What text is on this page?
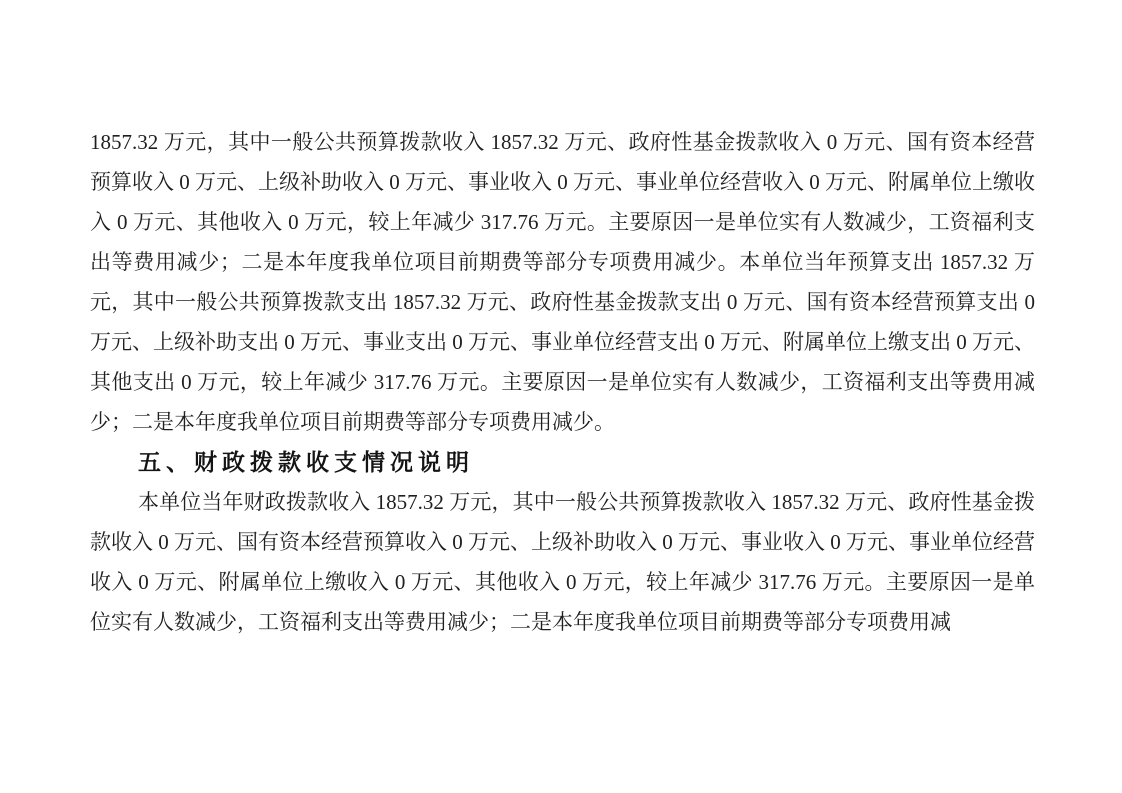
1857.32 万元，其中一般公共预算拨款收入 1857.32 万元、政府性基金拨款收入 0 万元、国有资本经营预算收入 0 万元、上级补助收入 0 万元、事业收入 0 万元、事业单位经营收入 0 万元、附属单位上缴收入 0 万元、其他收入 0 万元，较上年减少 317.76 万元。主要原因一是单位实有人数减少，工资福利支出等费用减少；二是本年度我单位项目前期费等部分专项费用减少。本单位当年预算支出 1857.32 万元，其中一般公共预算拨款支出 1857.32 万元、政府性基金拨款支出 0 万元、国有资本经营预算支出 0 万元、上级补助支出 0 万元、事业支出 0 万元、事业单位经营支出 0 万元、附属单位上缴支出 0 万元、其他支出 0 万元，较上年减少 317.76 万元。主要原因一是单位实有人数减少，工资福利支出等费用减少；二是本年度我单位项目前期费等部分专项费用减少。

五、财政拨款收支情况说明

本单位当年财政拨款收入 1857.32 万元，其中一般公共预算拨款收入 1857.32 万元、政府性基金拨款收入 0 万元、国有资本经营预算收入 0 万元、上级补助收入 0 万元、事业收入 0 万元、事业单位经营收入 0 万元、附属单位上缴收入 0 万元、其他收入 0 万元，较上年减少 317.76 万元。主要原因一是单位实有人数减少，工资福利支出等费用减少；二是本年度我单位项目前期费等部分专项费用减
